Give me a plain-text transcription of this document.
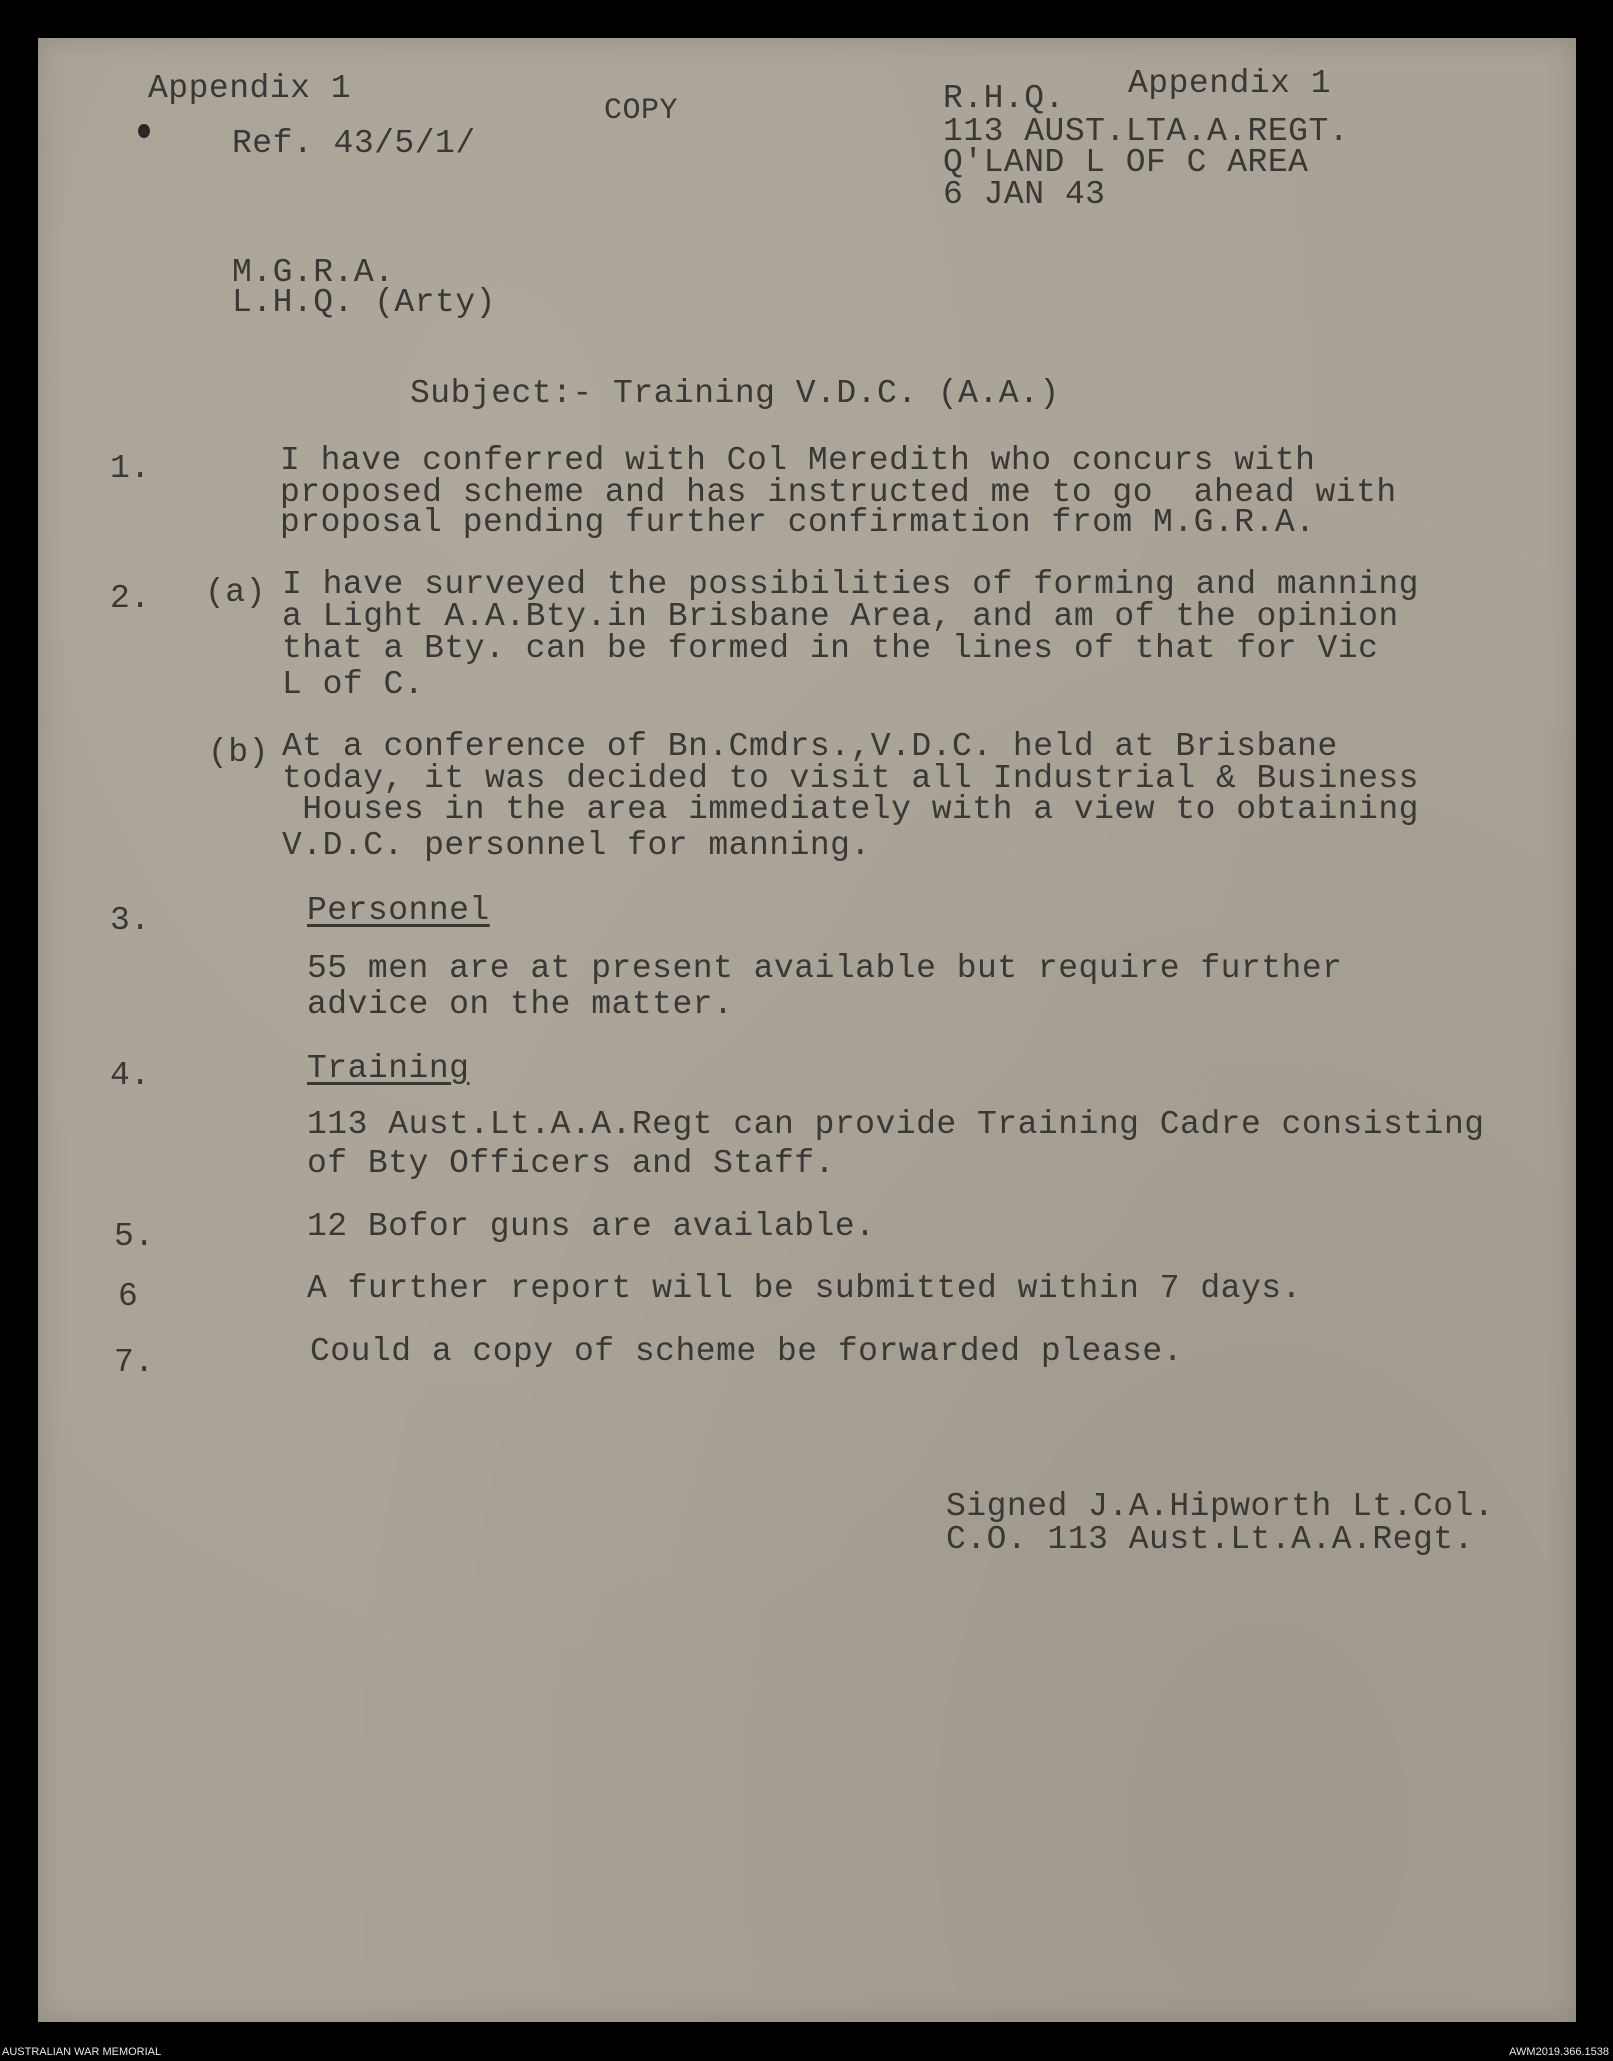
Appendix 1
Ref. 43/5/1/
COPY	R.H.Q. Appendix 1
113 AUST.LTA.A.REGT.
Q'LAND L OF C AREA
6 JAN 43
M.G.R.A.
L.H.Q. (Arty)
Subject:- Training V.D.C. (A.A.)
1.	I have conferred with Col Meredith who concurs with
proposed scheme and has instructed me to go  ahead with
proposal pending further confirmation from M.G.R.A.
2. (a) I have surveyed the possibilities of forming and manning
a Light A.A.Bty.in Brisbane Area, and am of the opinion
that a Bty. can be formed in the lines of that for Vic
L of C.
(b) At a conference of Bn.Cmdrs.,V.D.C. held at Brisbane
today, it was decided to visit all Industrial & Business
Houses in the area immediately with a view to obtaining
V.D.C. personnel for manning.
3.	Personnel
55 men are at present available but require further
advice on the matter.
4.	Training
113 Aust.Lt.A.A.Regt can provide Training Cadre consisting
of Bty Officers and Staff.
5.	12 Bofor guns are available.
6	A further report will be submitted within 7 days.
7.	Could a copy of scheme be forwarded please.
Signed J.A.Hipworth Lt.Col.
C.O. 113 Aust.Lt.A.A.Regt.
AUSTRALIAN WAR MEMORIAL	AWM2019.366.1538
